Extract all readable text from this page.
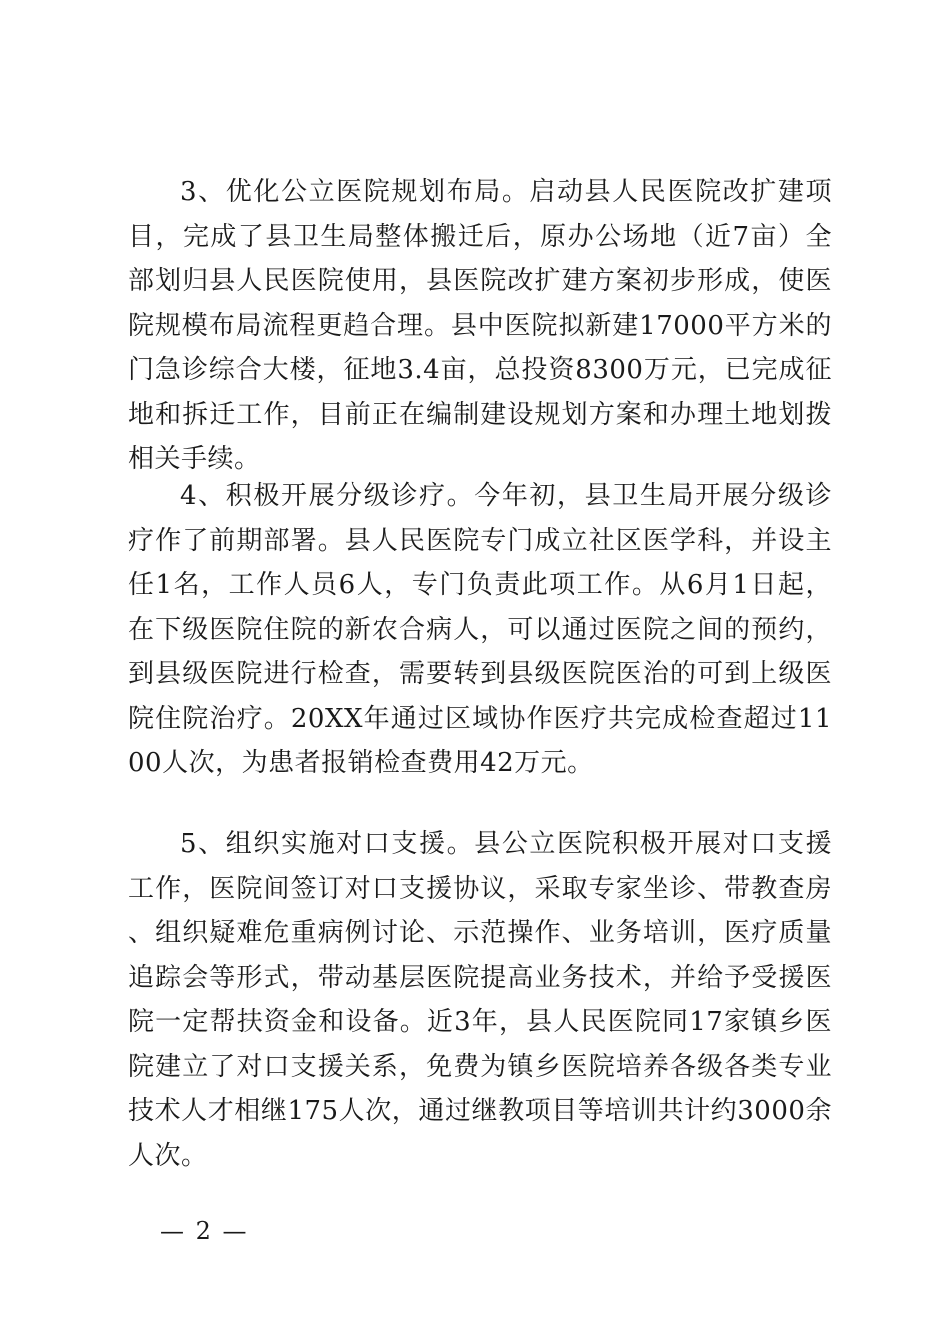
3、优化公立医院规划布局。启动县人民医院改扩建项目，完成了县卫生局整体搬迁后，原办公场地（近7亩）全部划归县人民医院使用，县医院改扩建方案初步形成，使医院规模布局流程更趋合理。县中医院拟新建17000平方米的门急诊综合大楼，征地3.4亩，总投资8300万元，已完成征地和拆迁工作，目前正在编制建设规划方案和办理土地划拨相关手续。

4、积极开展分级诊疗。今年初，县卫生局开展分级诊疗作了前期部署。县人民医院专门成立社区医学科，并设主任1名，工作人员6人，专门负责此项工作。从6月1日起，在下级医院住院的新农合病人，可以通过医院之间的预约，到县级医院进行检查，需要转到县级医院医治的可到上级医院住院治疗。20XX年通过区域协作医疗共完成检查超过1100人次，为患者报销检查费用42万元。

5、组织实施对口支援。县公立医院积极开展对口支援工作，医院间签订对口支援协议，采取专家坐诊、带教查房、组织疑难危重病例讨论、示范操作、业务培训，医疗质量追踪会等形式，带动基层医院提高业务技术，并给予受援医院一定帮扶资金和设备。近3年，县人民医院同17家镇乡医院建立了对口支援关系，免费为镇乡医院培养各级各类专业技术人才相继175人次，通过继教项目等培训共计约3000余人次。

— 2 —
